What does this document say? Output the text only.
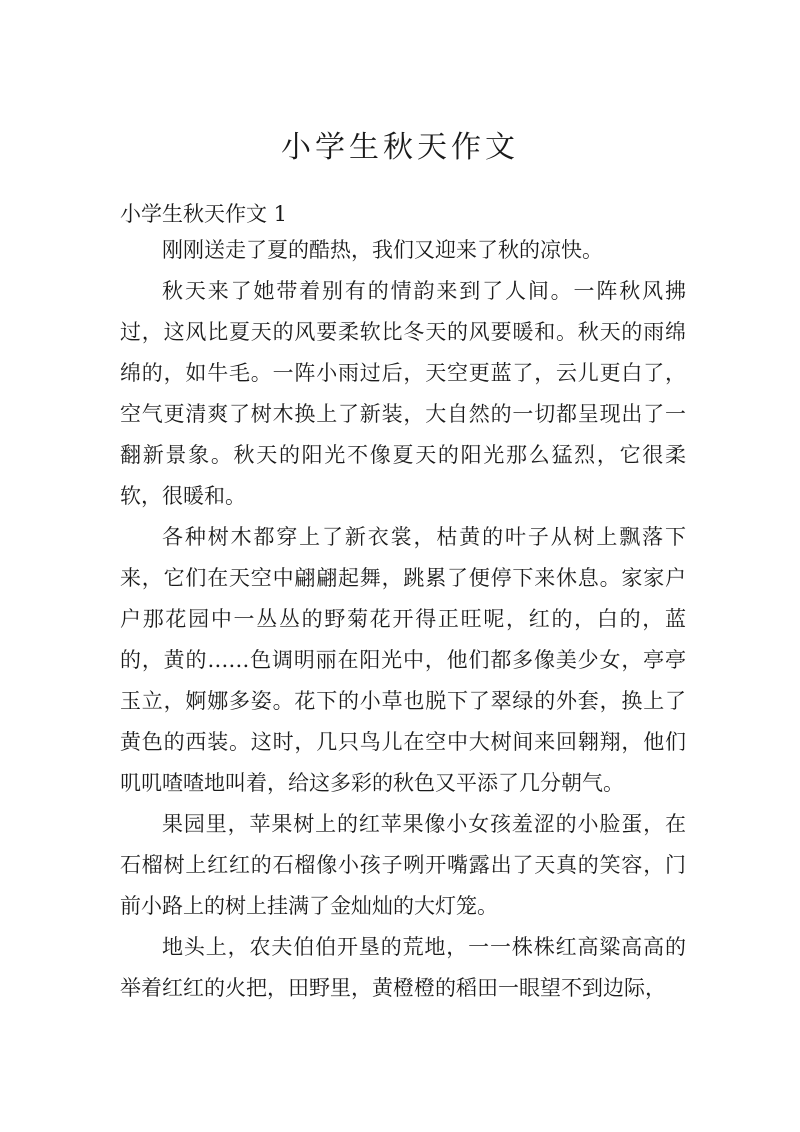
小学生秋天作文

小学生秋天作文 1

刚刚送走了夏的酷热，我们又迎来了秋的凉快。

秋天来了她带着别有的情韵来到了人间。一阵秋风拂过，这风比夏天的风要柔软比冬天的风要暖和。秋天的雨绵绵的，如牛毛。一阵小雨过后，天空更蓝了，云儿更白了，空气更清爽了树木换上了新装，大自然的一切都呈现出了一翻新景象。秋天的阳光不像夏天的阳光那么猛烈，它很柔软，很暖和。

各种树木都穿上了新衣裳，枯黄的叶子从树上飘落下来，它们在天空中翩翩起舞，跳累了便停下来休息。家家户户那花园中一丛丛的野菊花开得正旺呢，红的，白的，蓝的，黄的……色调明丽在阳光中，他们都多像美少女，亭亭玉立，婀娜多姿。花下的小草也脱下了翠绿的外套，换上了黄色的西装。这时，几只鸟儿在空中大树间来回翱翔，他们叽叽喳喳地叫着，给这多彩的秋色又平添了几分朝气。

果园里，苹果树上的红苹果像小女孩羞涩的小脸蛋，在石榴树上红红的石榴像小孩子咧开嘴露出了天真的笑容，门前小路上的树上挂满了金灿灿的大灯笼。

地头上，农夫伯伯开垦的荒地，一一株株红高粱高高的举着红红的火把，田野里，黄橙橙的稻田一眼望不到边际，
